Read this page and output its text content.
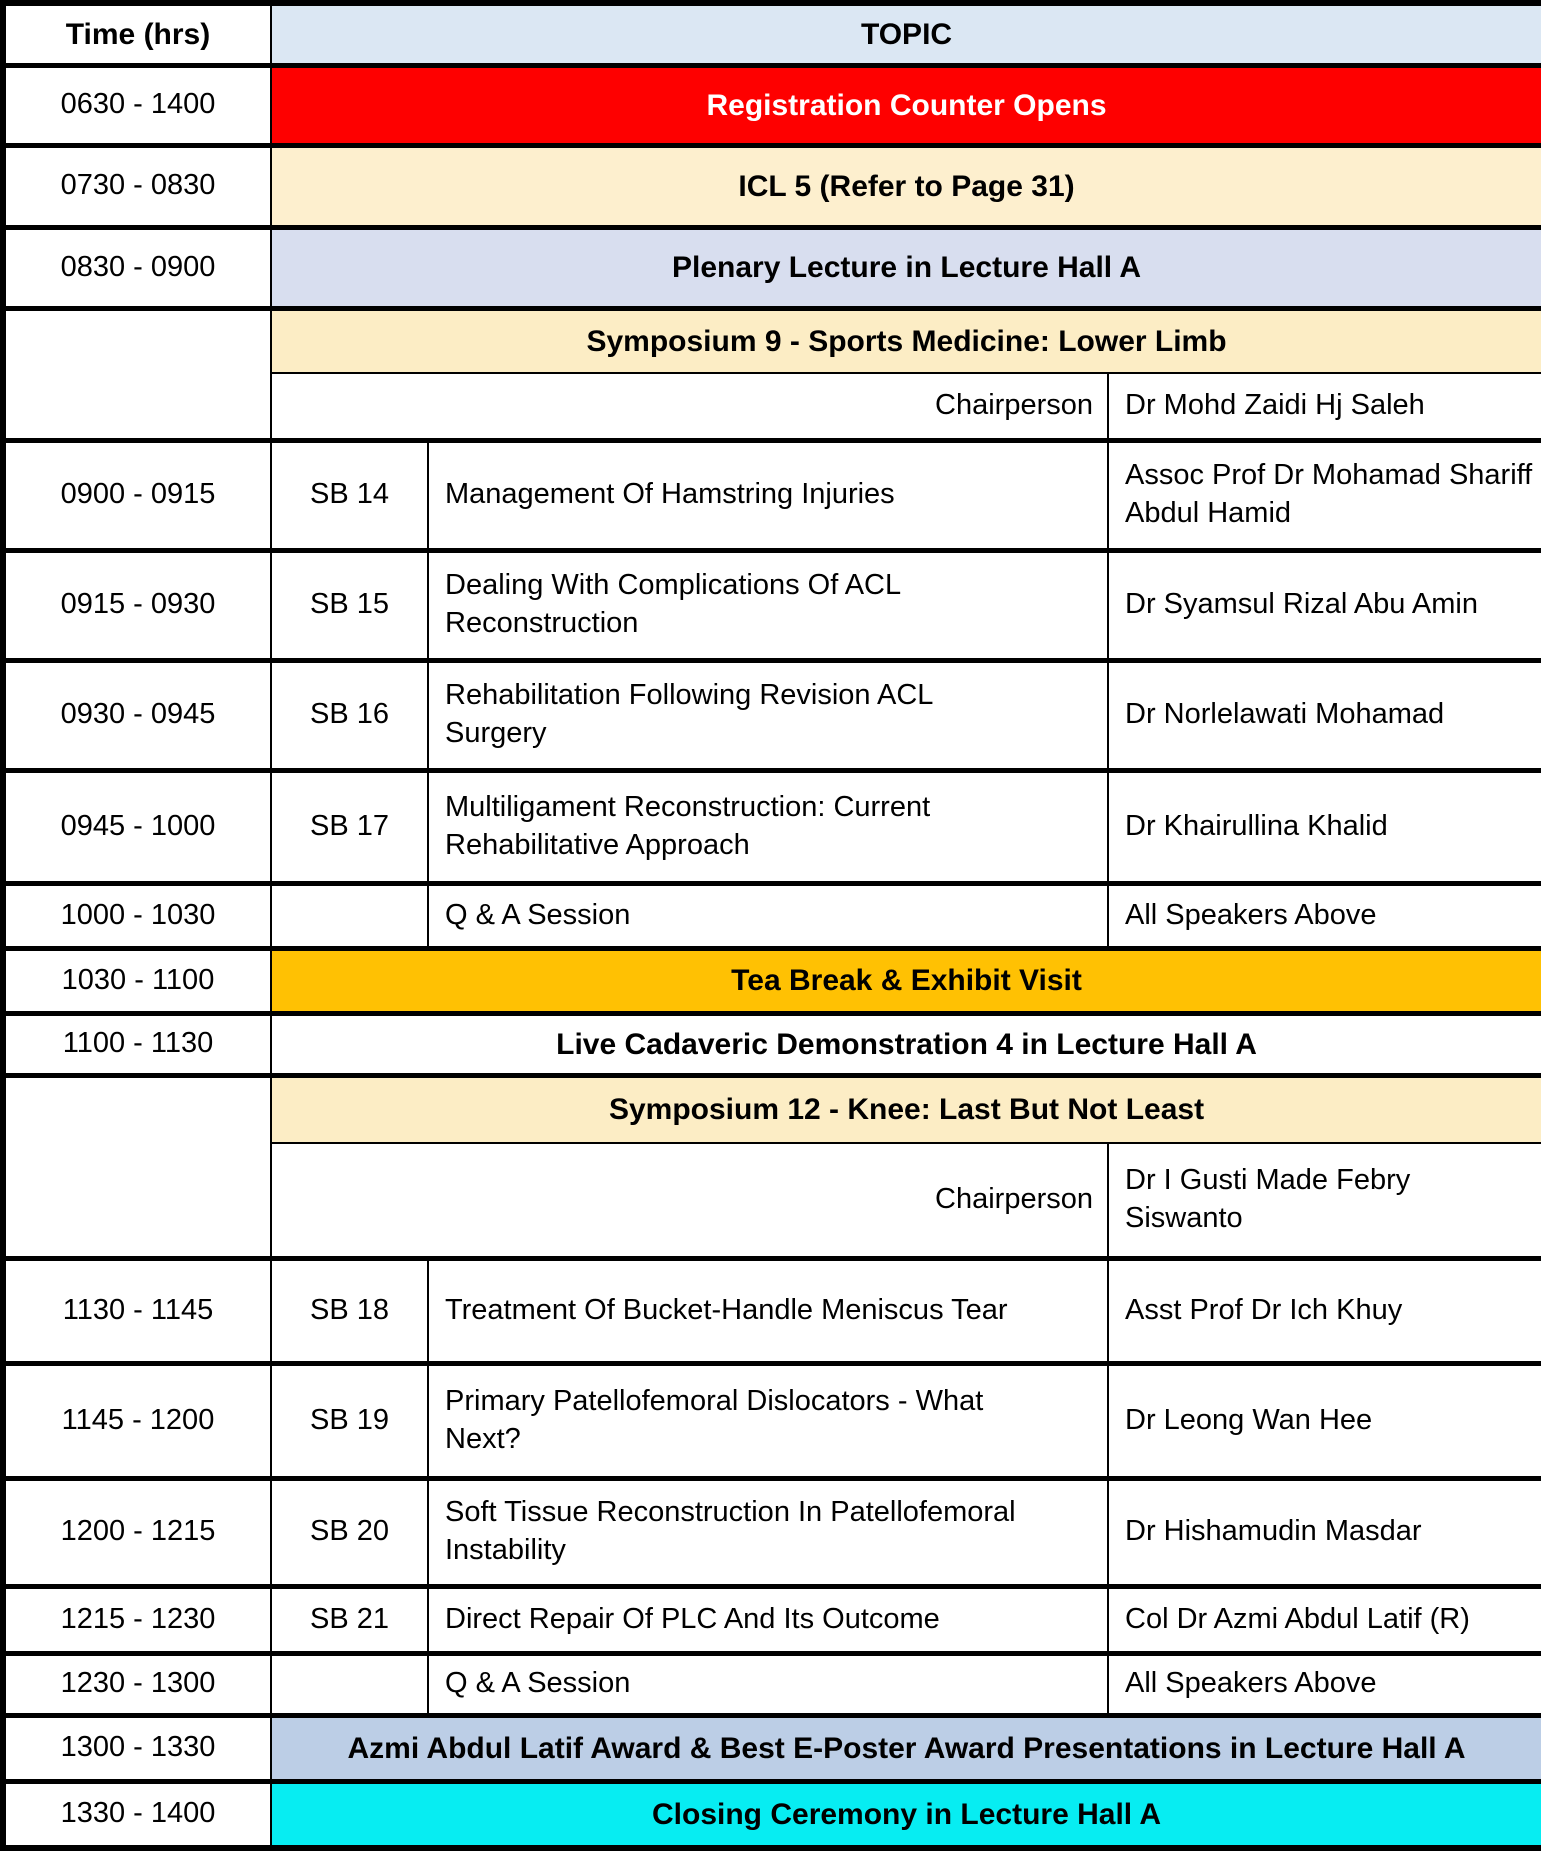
Time (hrs)	TOPIC		
0630 - 1400	Registration Counter Opens		
0730 - 0830	ICL 5 (Refer to Page 31)		
0830 - 0900	Plenary Lecture in Lecture Hall A		
	Symposium 9 - Sports Medicine: Lower Limb		
	Chairperson		Dr Mohd Zaidi Hj Saleh
0900 - 0915	SB 14	Management Of Hamstring Injuries	Assoc Prof Dr Mohamad Shariff Abdul Hamid
0915 - 0930	SB 15	Dealing With Complications Of ACL Reconstruction	Dr Syamsul Rizal Abu Amin
0930 - 0945	SB 16	Rehabilitation Following Revision ACL Surgery	Dr Norlelawati Mohamad
0945 - 1000	SB 17	Multiligament Reconstruction: Current Rehabilitative Approach	Dr Khairullina Khalid
1000 - 1030		Q & A Session	All Speakers Above
1030 - 1100	Tea Break & Exhibit Visit		
1100 - 1130	Live Cadaveric Demonstration 4 in Lecture Hall A		
	Symposium 12 - Knee: Last But Not Least		
	Chairperson		Dr I Gusti Made Febry Siswanto
1130 - 1145	SB 18	Treatment Of Bucket-Handle Meniscus Tear	Asst Prof Dr Ich Khuy
1145 - 1200	SB 19	Primary Patellofemoral Dislocators - What Next?	Dr Leong Wan Hee
1200 - 1215	SB 20	Soft Tissue Reconstruction In Patellofemoral Instability	Dr Hishamudin Masdar
1215 - 1230	SB 21	Direct Repair Of PLC And Its Outcome	Col Dr Azmi Abdul Latif (R)
1230 - 1300		Q & A Session	All Speakers Above
1300 - 1330	Azmi Abdul Latif Award & Best E-Poster Award Presentations in Lecture Hall A		
1330 - 1400	Closing Ceremony in Lecture Hall A		
